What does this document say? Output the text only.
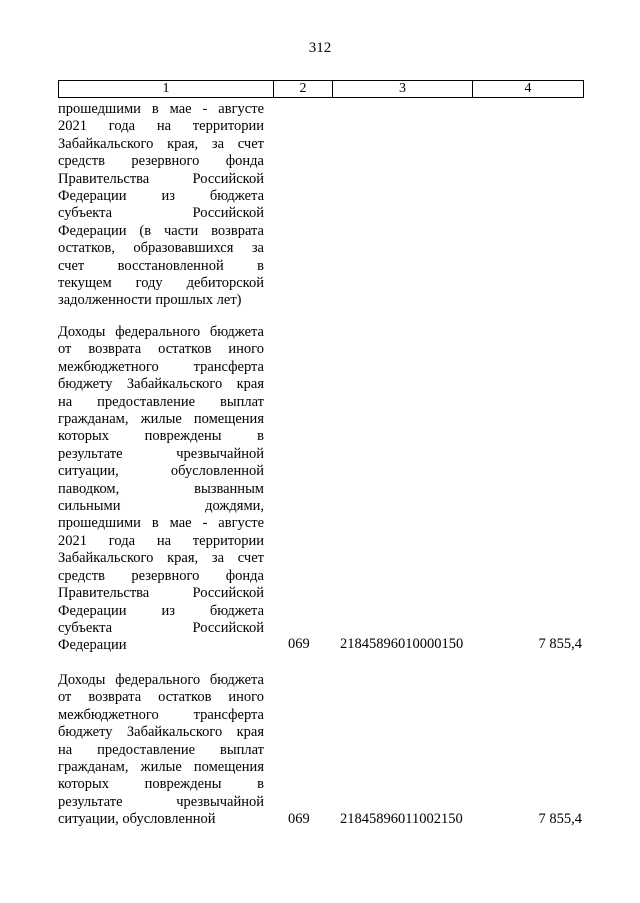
312
1	2	3	4
прошедшими в мае - августе
2021 года на территории
Забайкальского края, за счет
средств резервного фонда
Правительства Российской
Федерации из бюджета
субъекта Российской
Федерации (в части возврата
остатков, образовавшихся за
счет восстановленной в
текущем году дебиторской
задолженности прошлых лет)
Доходы федерального бюджета
от возврата остатков иного
межбюджетного трансферта
бюджету Забайкальского края
на предоставление выплат
гражданам, жилые помещения
которых повреждены в
результате чрезвычайной
ситуации, обусловленной
паводком, вызванным
сильными дождями,
прошедшими в мае - августе
2021 года на территории
Забайкальского края, за счет
средств резервного фонда
Правительства Российской
Федерации из бюджета
субъекта Российской
Федерации	069 21845896010000150	7 855,4
Доходы федерального бюджета
от возврата остатков иного
межбюджетного трансферта
бюджету Забайкальского края
на предоставление выплат
гражданам, жилые помещения
которых повреждены в
результате чрезвычайной
ситуации, обусловленной	069 21845896011002150	7 855,4
